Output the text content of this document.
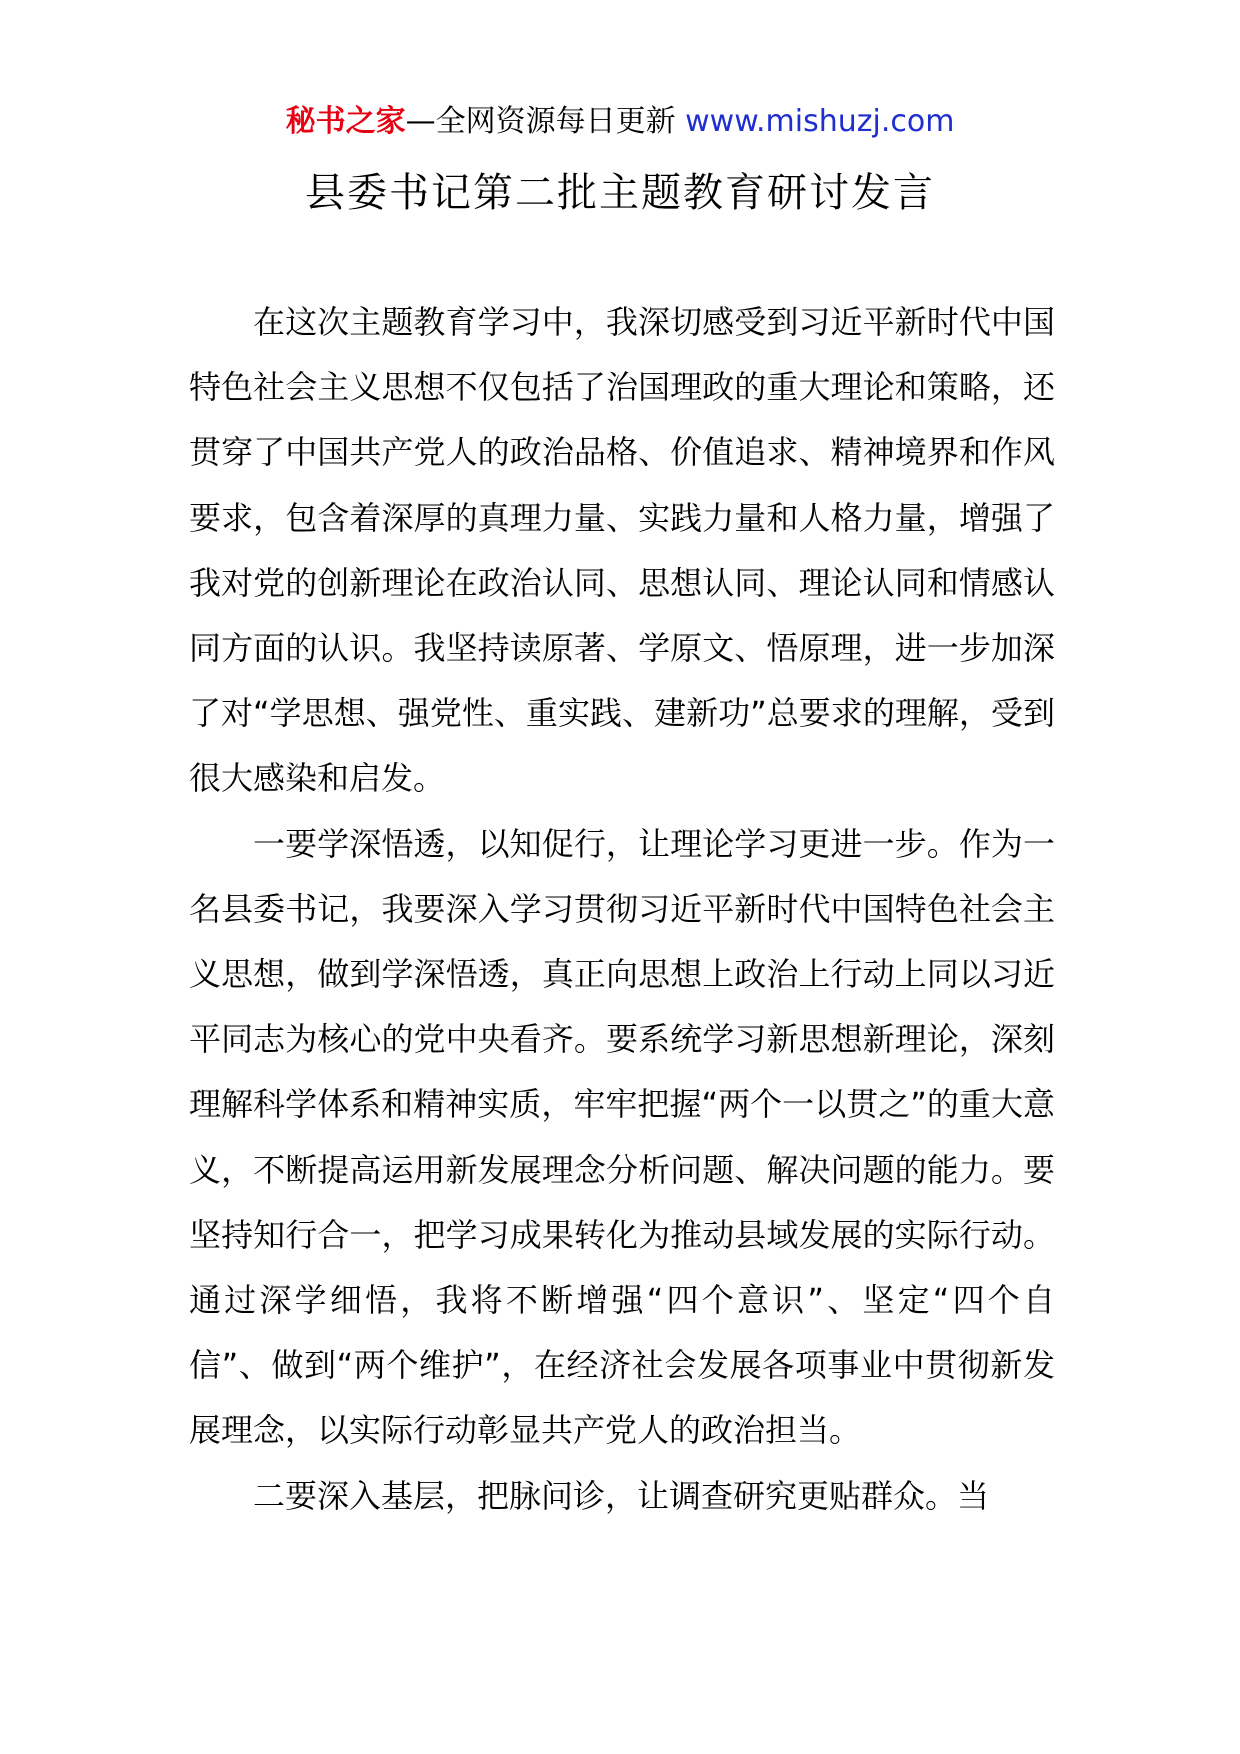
秘书之家—全网资源每日更新 www.mishuzj.com
县委书记第二批主题教育研讨发言

在这次主题教育学习中，我深切感受到习近平新时代中国特色社会主义思想不仅包括了治国理政的重大理论和策略，还贯穿了中国共产党人的政治品格、价值追求、精神境界和作风要求，包含着深厚的真理力量、实践力量和人格力量，增强了我对党的创新理论在政治认同、思想认同、理论认同和情感认同方面的认识。我坚持读原著、学原文、悟原理，进一步加深了对“学思想、强党性、重实践、建新功”总要求的理解，受到很大感染和启发。

一要学深悟透，以知促行，让理论学习更进一步。作为一名县委书记，我要深入学习贯彻习近平新时代中国特色社会主义思想，做到学深悟透，真正向思想上政治上行动上同以习近平同志为核心的党中央看齐。要系统学习新思想新理论，深刻理解科学体系和精神实质，牢牢把握“两个一以贯之”的重大意义，不断提高运用新发展理念分析问题、解决问题的能力。要坚持知行合一，把学习成果转化为推动县域发展的实际行动。通过深学细悟，我将不断增强“四个意识”、坚定“四个自信”、做到“两个维护”，在经济社会发展各项事业中贯彻新发展理念，以实际行动彰显共产党人的政治担当。

二要深入基层，把脉问诊，让调查研究更贴群众。当
